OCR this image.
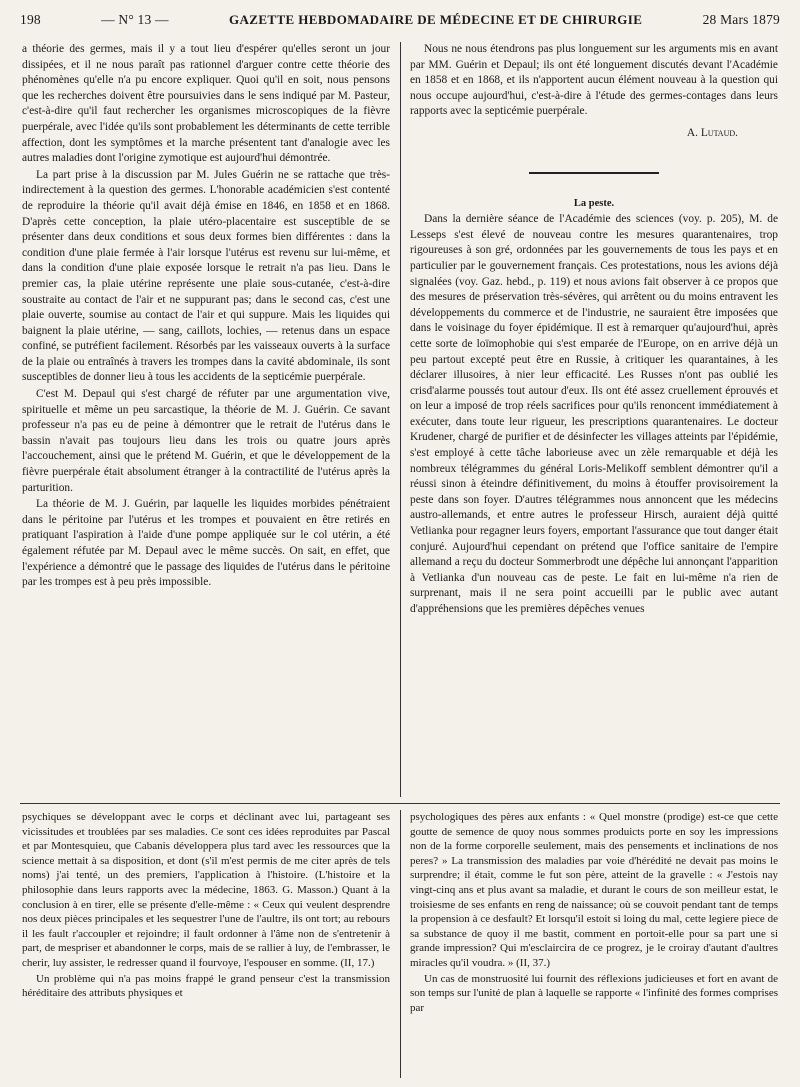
198	— N° 13 —	GAZETTE HEBDOMADAIRE DE MÉDECINE ET DE CHIRURGIE	28 Mars 1879

a théorie des germes, mais il y a tout lieu d'espérer qu'elles seront un jour dissipées, et il ne nous paraît pas rationnel d'arguer contre cette théorie des phénomènes qu'elle n'a pu encore expliquer. Quoi qu'il en soit, nous pensons que les recherches doivent être poursuivies dans le sens indiqué par M. Pasteur, c'est-à-dire qu'il faut rechercher les organismes microscopiques de la fièvre puerpérale, avec l'idée qu'ils sont probablement les déterminants de cette terrible affection, dont les symptômes et la marche présentent tant d'analogie avec les autres maladies dont l'origine zymotique est aujourd'hui démontrée.

La part prise à la discussion par M. Jules Guérin ne se rattache que très-indirectement à la question des germes. L'honorable académicien s'est contenté de reproduire la théorie qu'il avait déjà émise en 1846, en 1858 et en 1868. D'après cette conception, la plaie utéro-placentaire est susceptible de se présenter dans deux conditions et sous deux formes bien différentes : dans la condition d'une plaie fermée à l'air lorsque l'utérus est revenu sur lui-même, et dans la condition d'une plaie exposée lorsque le retrait n'a pas lieu. Dans le premier cas, la plaie utérine représente une plaie sous-cutanée, c'est-à-dire soustraite au contact de l'air et ne suppurant pas; dans le second cas, c'est une plaie ouverte, soumise au contact de l'air et qui suppure. Mais les liquides qui baignent la plaie utérine, — sang, caillots, lochies, — retenus dans un espace confiné, se putréfient facilement. Résorbés par les vaisseaux ouverts à la surface de la plaie ou entraînés à travers les trompes dans la cavité abdominale, ils sont susceptibles de donner lieu à tous les accidents de la septicémie puerpérale.

C'est M. Depaul qui s'est chargé de réfuter par une argumentation vive, spirituelle et même un peu sarcastique, la théorie de M. J. Guérin. Ce savant professeur n'a pas eu de peine à démontrer que le retrait de l'utérus dans le bassin n'avait pas toujours lieu dans les trois ou quatre jours après l'accouchement, ainsi que le prétend M. Guérin, et que le développement de la fièvre puerpérale était absolument étranger à la contractilité de l'utérus après la parturition.

La théorie de M. J. Guérin, par laquelle les liquides morbides pénétraient dans le péritoine par l'utérus et les trompes et pouvaient en être retirés en pratiquant l'aspiration à l'aide d'une pompe appliquée sur le col utérin, a été également réfutée par M. Depaul avec le même succès. On sait, en effet, que l'expérience a démontré que le passage des liquides de l'utérus dans le péritoine par les trompes est à peu près impossible.

Nous ne nous étendrons pas plus longuement sur les arguments mis en avant par MM. Guérin et Depaul; ils ont été longuement discutés devant l'Académie en 1858 et en 1868, et ils n'apportent aucun élément nouveau à la question qui nous occupe aujourd'hui, c'est-à-dire à l'étude des germes-contages dans leurs rapports avec la septicémie puerpérale.

A. Lutaud.

La peste.

Dans la dernière séance de l'Académie des sciences (voy. p. 205), M. de Lesseps s'est élevé de nouveau contre les mesures quarantenaires, trop rigoureuses à son gré, ordonnées par les gouvernements de tous les pays et en particulier par le gouvernement français. Ces protestations, nous les avions déjà signalées (voy. Gaz. hebd., p. 119) et nous avions fait observer à ce propos que des mesures de préservation très-sévères, qui arrêtent ou du moins entravent les développements du commerce et de l'industrie, ne sauraient être imposées que dans le voisinage du foyer épidémique. Il est à remarquer qu'aujourd'hui, après cette sorte de loïmophobie qui s'est emparée de l'Europe, on en arrive déjà un peu partout excepté peut être en Russie, à critiquer les quarantaines, à les déclarer illusoires, à nier leur efficacité. Les Russes n'ont pas oublié les crisd'alarme poussés tout autour d'eux. Ils ont été assez cruellement éprouvés et on leur a imposé de trop réels sacrifices pour qu'ils renoncent immédiatement à exécuter, dans toute leur rigueur, les prescriptions quarantenaires. Le docteur Krudener, chargé de purifier et de désinfecter les villages atteints par l'épidémie, s'est employé à cette tâche laborieuse avec un zèle remarquable et déjà les nombreux télégrammes du général Loris-Melikoff semblent démontrer qu'il a réussi sinon à éteindre définitivement, du moins à étouffer provisoirement la peste dans son foyer. D'autres télégrammes nous annoncent que les médecins austro-allemands, et entre autres le professeur Hirsch, auraient déjà quitté Vetlianka pour regagner leurs foyers, emportant l'assurance que tout danger était conjuré. Aujourd'hui cependant on prétend que l'office sanitaire de l'empire allemand a reçu du docteur Sommerbrodt une dépêche lui annonçant l'apparition à Vetlianka d'un nouveau cas de peste. Le fait en lui-même n'a rien de surprenant, mais il ne sera point accueilli par le public avec autant d'appréhensions que les premières dépêches venues

psychiques se développant avec le corps et déclinant avec lui, partageant ses vicissitudes et troublées par ses maladies. Ce sont ces idées reproduites par Pascal et par Montesquieu, que Cabanis développera plus tard avec les ressources que la science mettait à sa disposition, et dont (s'il m'est permis de me citer après de tels noms) j'ai tenté, un des premiers, l'application à l'histoire. (L'histoire et la philosophie dans leurs rapports avec la médecine, 1863. G. Masson.) Quant à la conclusion à en tirer, elle se présente d'elle-même : « Ceux qui veulent desprendre nos deux pièces principales et les sequestrer l'une de l'aultre, ils ont tort; au rebours il les fault r'accoupler et rejoindre; il fault ordonner à l'âme non de s'entretenir à part, de mespriser et abandonner le corps, mais de se rallier à luy, de l'embrasser, le cherir, luy assister, le redresser quand il fourvoye, l'espouser en somme. (II, 17.)

Un problème qui n'a pas moins frappé le grand penseur c'est la transmission héréditaire des attributs physiques et

psychologiques des pères aux enfants : « Quel monstre (prodige) est-ce que cette goutte de semence de quoy nous sommes produicts porte en soy les impressions non de la forme corporelle seulement, mais des pensements et inclinations de nos peres? » La transmission des maladies par voie d'hérédité ne devait pas moins le surprendre; il était, comme le fut son père, atteint de la gravelle : « J'estois nay vingt-cinq ans et plus avant sa maladie, et durant le cours de son meilleur estat, le troisiesme de ses enfants en reng de naissance; où se couvoit pendant tant de temps la propension à ce desfault? Et lorsqu'il estoit si loing du mal, cette legiere piece de sa substance de quoy il me bastit, comment en portoit-elle pour sa part une si grande impression? Qui m'esclaircira de ce progrez, je le croiray d'autant d'aultres miracles qu'il voudra. » (II, 37.)

Un cas de monstruosité lui fournit des réflexions judicieuses et fort en avant de son temps sur l'unité de plan à laquelle se rapporte « l'infinité des formes comprises par
